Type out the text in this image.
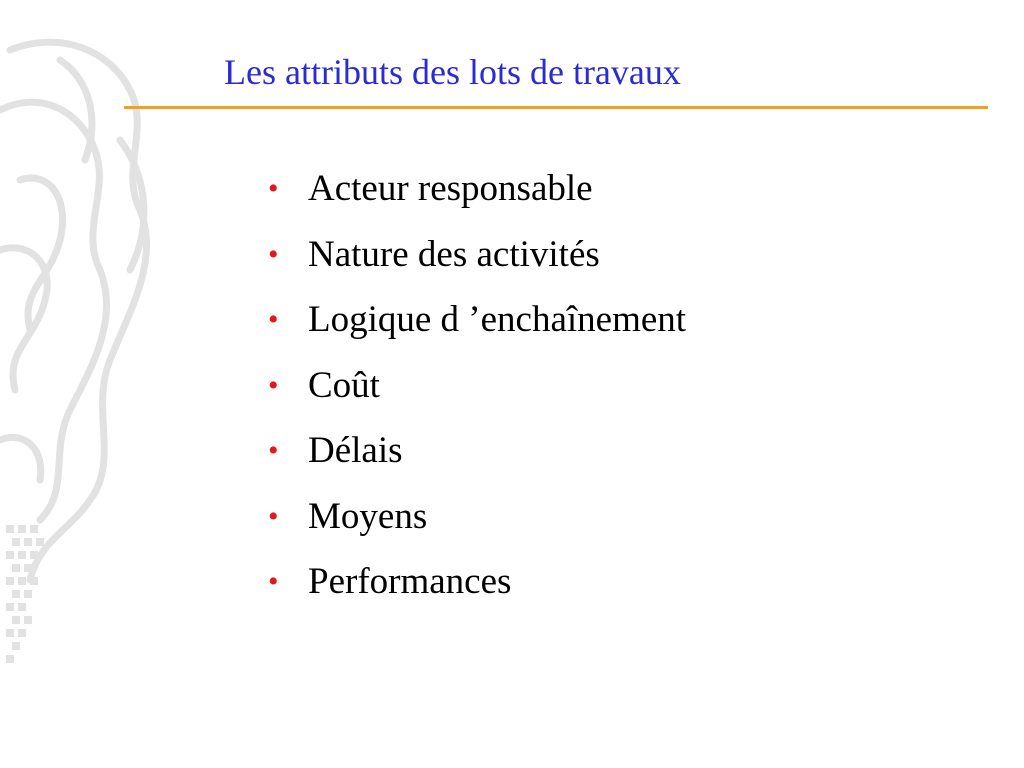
Les attributs des lots de travaux
• Acteur responsable
• Nature des activités
• Logique d ’enchaînement
• Coût
• Délais
• Moyens
• Performances
